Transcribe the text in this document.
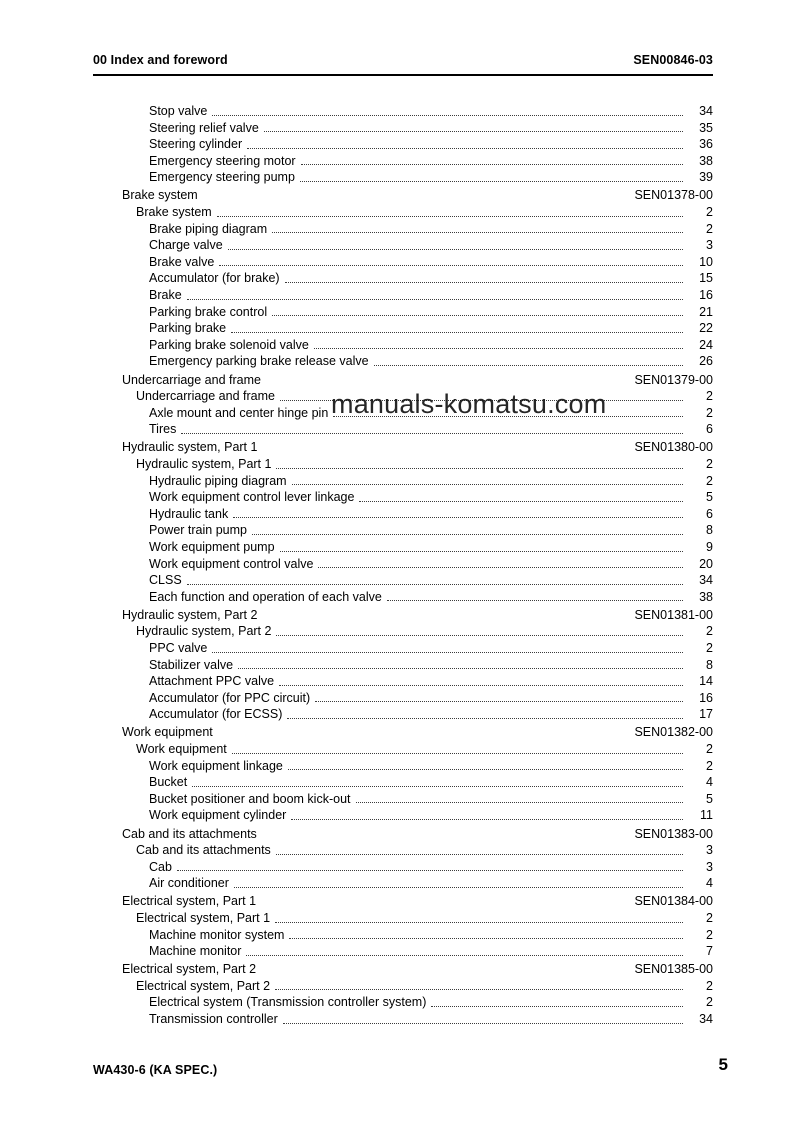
00 Index and foreword	SEN00846-03
Stop valve	34
Steering relief valve	35
Steering cylinder	36
Emergency steering motor	38
Emergency steering pump	39
Brake system	SEN01378-00
Brake system	2
Brake piping diagram	2
Charge valve	3
Brake valve	10
Accumulator (for brake)	15
Brake	16
Parking brake control	21
Parking brake	22
Parking brake solenoid valve	24
Emergency parking brake release valve	26
Undercarriage and frame	SEN01379-00
Undercarriage and frame	2
Axle mount and center hinge pin	2
Tires	6
Hydraulic system, Part 1	SEN01380-00
Hydraulic system, Part 1	2
Hydraulic piping diagram	2
Work equipment control lever linkage	5
Hydraulic tank	6
Power train pump	8
Work equipment pump	9
Work equipment control valve	20
CLSS	34
Each function and operation of each valve	38
Hydraulic system, Part 2	SEN01381-00
Hydraulic system, Part 2	2
PPC valve	2
Stabilizer valve	8
Attachment PPC valve	14
Accumulator (for PPC circuit)	16
Accumulator (for ECSS)	17
Work equipment	SEN01382-00
Work equipment	2
Work equipment linkage	2
Bucket	4
Bucket positioner and boom kick-out	5
Work equipment cylinder	11
Cab and its attachments	SEN01383-00
Cab and its attachments	3
Cab	3
Air conditioner	4
Electrical system, Part 1	SEN01384-00
Electrical system, Part 1	2
Machine monitor system	2
Machine monitor	7
Electrical system, Part 2	SEN01385-00
Electrical system, Part 2	2
Electrical system (Transmission controller system)	2
Transmission controller	34
manuals-komatsu.com
WA430-6 (KA SPEC.)	5
